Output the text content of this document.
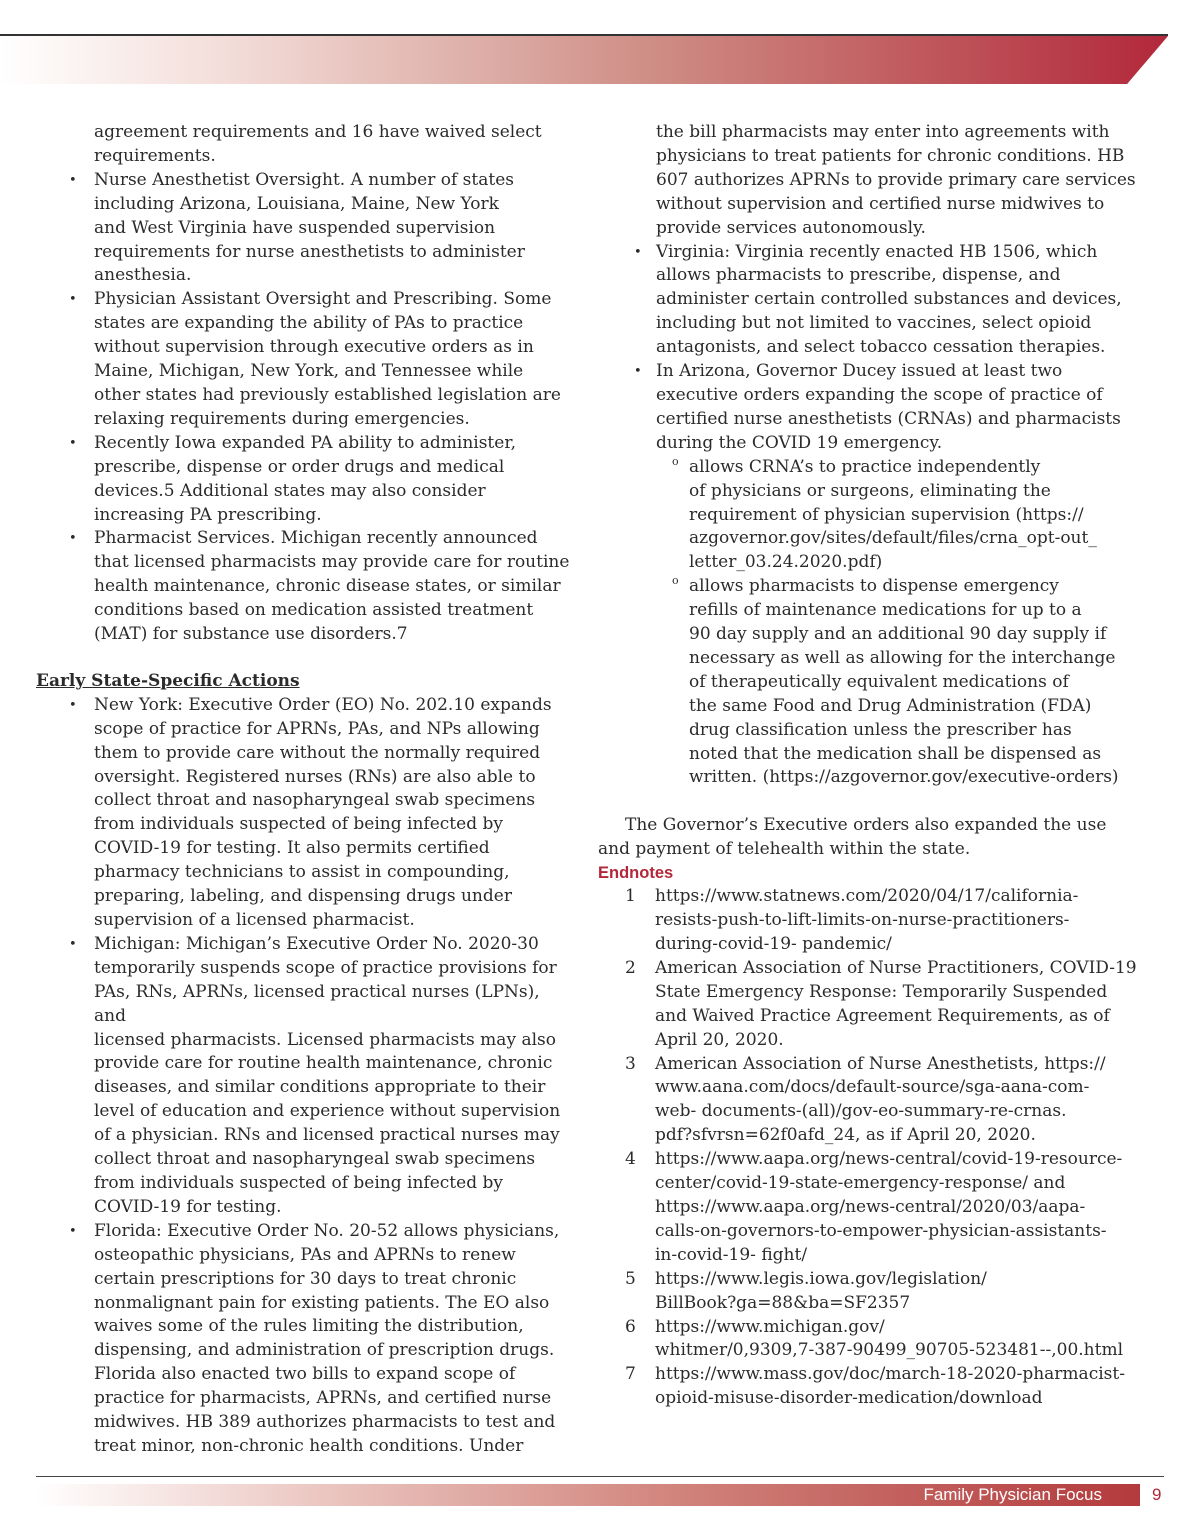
agreement requirements and 16 have waived select
requirements.
• Nurse Anesthetist Oversight. A number of states
including Arizona, Louisiana, Maine, New York
and West Virginia have suspended supervision
requirements for nurse anesthetists to administer
anesthesia.
• Physician Assistant Oversight and Prescribing. Some
states are expanding the ability of PAs to practice
without supervision through executive orders as in
Maine, Michigan, New York, and Tennessee while
other states had previously established legislation are
relaxing requirements during emergencies.
• Recently Iowa expanded PA ability to administer,
prescribe, dispense or order drugs and medical
devices.5 Additional states may also consider
increasing PA prescribing.
• Pharmacist Services. Michigan recently announced
that licensed pharmacists may provide care for routine
health maintenance, chronic disease states, or similar
conditions based on medication assisted treatment
(MAT) for substance use disorders.7
Early State-Specific Actions
• New York: Executive Order (EO) No. 202.10 expands
scope of practice for APRNs, PAs, and NPs allowing
them to provide care without the normally required
oversight. Registered nurses (RNs) are also able to
collect throat and nasopharyngeal swab specimens
from individuals suspected of being infected by
COVID-19 for testing. It also permits certified
pharmacy technicians to assist in compounding,
preparing, labeling, and dispensing drugs under
supervision of a licensed pharmacist.
• Michigan: Michigan’s Executive Order No. 2020-30
temporarily suspends scope of practice provisions for
PAs, RNs, APRNs, licensed practical nurses (LPNs), and
licensed pharmacists. Licensed pharmacists may also
provide care for routine health maintenance, chronic
diseases, and similar conditions appropriate to their
level of education and experience without supervision
of a physician. RNs and licensed practical nurses may
collect throat and nasopharyngeal swab specimens
from individuals suspected of being infected by
COVID-19 for testing.
• Florida: Executive Order No. 20-52 allows physicians,
osteopathic physicians, PAs and APRNs to renew
certain prescriptions for 30 days to treat chronic
nonmalignant pain for existing patients. The EO also
waives some of the rules limiting the distribution,
dispensing, and administration of prescription drugs.
Florida also enacted two bills to expand scope of
practice for pharmacists, APRNs, and certified nurse
midwives. HB 389 authorizes pharmacists to test and
treat minor, non-chronic health conditions. Under
the bill pharmacists may enter into agreements with
physicians to treat patients for chronic conditions. HB
607 authorizes APRNs to provide primary care services
without supervision and certified nurse midwives to
provide services autonomously.
• Virginia: Virginia recently enacted HB 1506, which
allows pharmacists to prescribe, dispense, and
administer certain controlled substances and devices,
including but not limited to vaccines, select opioid
antagonists, and select tobacco cessation therapies.
• In Arizona, Governor Ducey issued at least two
executive orders expanding the scope of practice of
certified nurse anesthetists (CRNAs) and pharmacists
during the COVID 19 emergency.
o allows CRNA’s to practice independently
of physicians or surgeons, eliminating the
requirement of physician supervision (https://
azgovernor.gov/sites/default/files/crna_opt-out_
letter_03.24.2020.pdf)
o allows pharmacists to dispense emergency
refills of maintenance medications for up to a
90 day supply and an additional 90 day supply if
necessary as well as allowing for the interchange
of therapeutically equivalent medications of
the same Food and Drug Administration (FDA)
drug classification unless the prescriber has
noted that the medication shall be dispensed as
written. (https://azgovernor.gov/executive-orders)
The Governor’s Executive orders also expanded the use
and payment of telehealth within the state.
Endnotes
1	https://www.statnews.com/2020/04/17/california-
resists-push-to-lift-limits-on-nurse-practitioners-
during-covid-19- pandemic/
2	American Association of Nurse Practitioners, COVID-19
State Emergency Response: Temporarily Suspended
and Waived Practice Agreement Requirements, as of
April 20, 2020.
3	American Association of Nurse Anesthetists, https://
www.aana.com/docs/default-source/sga-aana-com-
web- documents-(all)/gov-eo-summary-re-crnas.
pdf?sfvrsn=62f0afd_24, as if April 20, 2020.
4	https://www.aapa.org/news-central/covid-19-resource-
center/covid-19-state-emergency-response/ and
https://www.aapa.org/news-central/2020/03/aapa-
calls-on-governors-to-empower-physician-assistants-
in-covid-19- fight/
5	https://www.legis.iowa.gov/legislation/
BillBook?ga=88&ba=SF2357
6	https://www.michigan.gov/
whitmer/0,9309,7-387-90499_90705-523481--,00.html
7	https://www.mass.gov/doc/march-18-2020-pharmacist-
opioid-misuse-disorder-medication/download
Family Physician Focus	9
